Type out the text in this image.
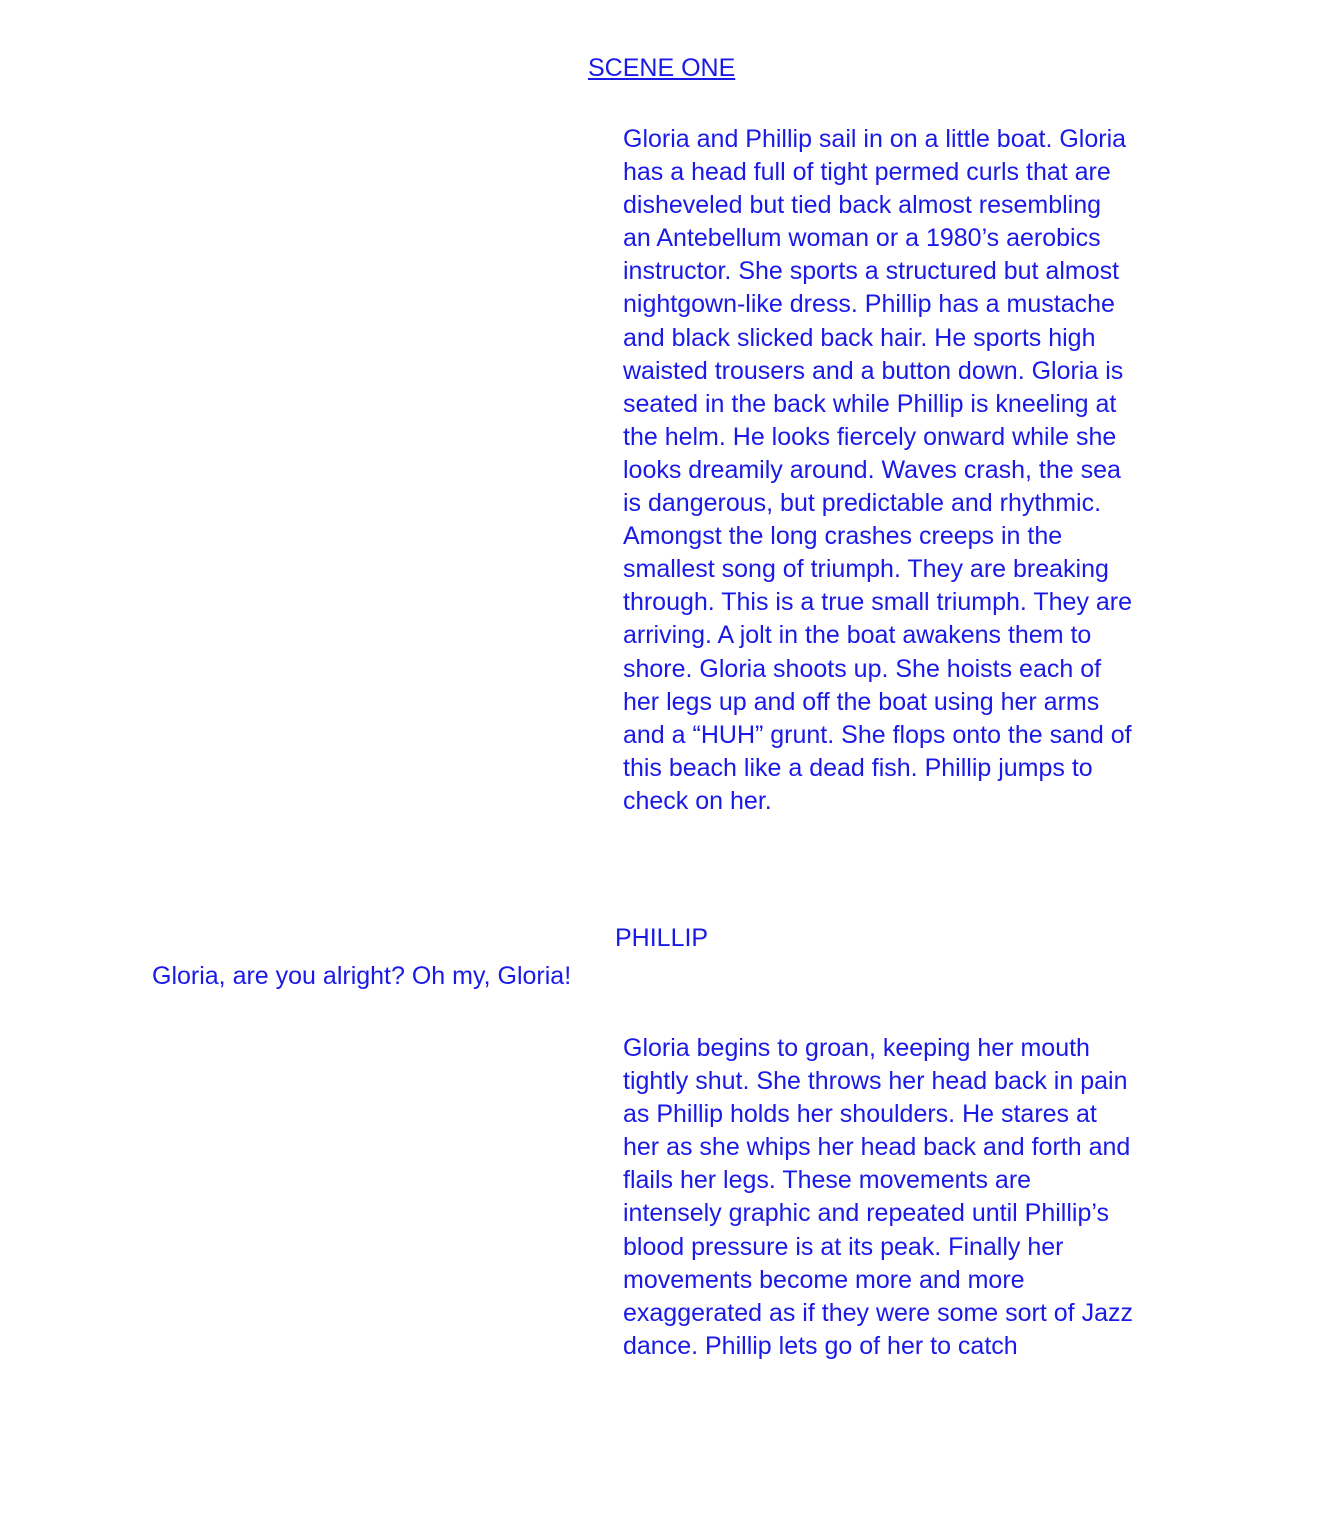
SCENE ONE

Gloria and Phillip sail in on a little boat. Gloria has a head full of tight permed curls that are disheveled but tied back almost resembling an Antebellum woman or a 1980’s aerobics instructor. She sports a structured but almost nightgown-like dress. Phillip has a mustache and black slicked back hair. He sports high waisted trousers and a button down. Gloria is seated in the back while Phillip is kneeling at the helm. He looks fiercely onward while she looks dreamily around. Waves crash, the sea is dangerous, but predictable and rhythmic. Amongst the long crashes creeps in the smallest song of triumph. They are breaking through. This is a true small triumph. They are arriving. A jolt in the boat awakens them to shore. Gloria shoots up. She hoists each of her legs up and off the boat using her arms and a “HUH” grunt. She flops onto the sand of this beach like a dead fish. Phillip jumps to check on her.

PHILLIP
Gloria, are you alright? Oh my, Gloria!

Gloria begins to groan, keeping her mouth tightly shut. She throws her head back in pain as Phillip holds her shoulders. He stares at her as she whips her head back and forth and flails her legs. These movements are intensely graphic and repeated until Phillip’s blood pressure is at its peak. Finally her movements become more and more exaggerated as if they were some sort of Jazz dance. Phillip lets go of her to catch
